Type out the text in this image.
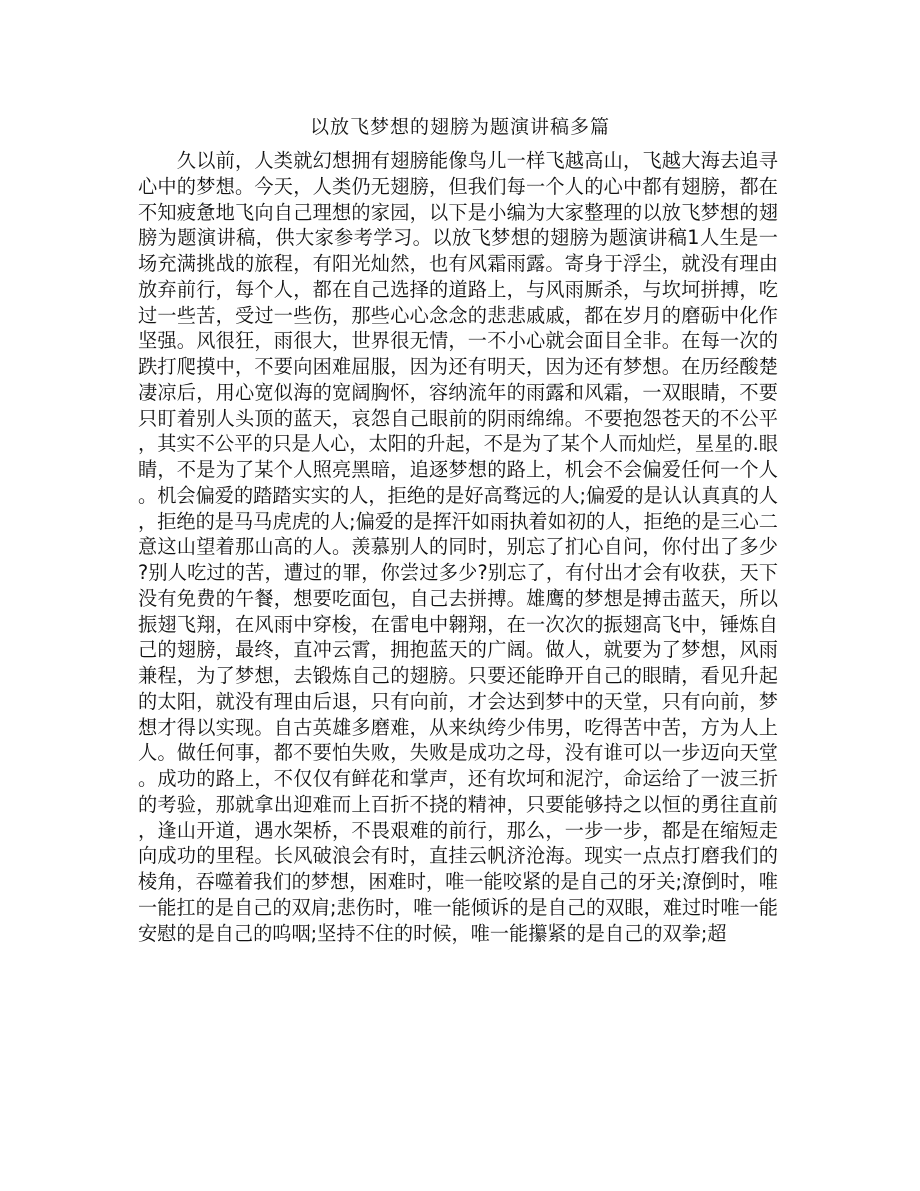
以放飞梦想的翅膀为题演讲稿多篇

　　久以前，人类就幻想拥有翅膀能像鸟儿一样飞越高山，飞越大海去追寻心中的梦想。今天，人类仍无翅膀，但我们每一个人的心中都有翅膀，都在不知疲惫地飞向自己理想的家园，以下是小编为大家整理的以放飞梦想的翅膀为题演讲稿，供大家参考学习。以放飞梦想的翅膀为题演讲稿1人生是一场充满挑战的旅程，有阳光灿然，也有风霜雨露。寄身于浮尘，就没有理由放弃前行，每个人，都在自己选择的道路上，与风雨厮杀，与坎坷拼搏，吃过一些苦，受过一些伤，那些心心念念的悲悲戚戚，都在岁月的磨砺中化作坚强。风很狂，雨很大，世界很无情，一不小心就会面目全非。在每一次的跌打爬摸中，不要向困难屈服，因为还有明天，因为还有梦想。在历经酸楚凄凉后，用心宽似海的宽阔胸怀，容纳流年的雨露和风霜，一双眼睛，不要只盯着别人头顶的蓝天，哀怨自己眼前的阴雨绵绵。不要抱怨苍天的不公平，其实不公平的只是人心，太阳的升起，不是为了某个人而灿烂，星星的.眼睛，不是为了某个人照亮黑暗，追逐梦想的路上，机会不会偏爱任何一个人。机会偏爱的踏踏实实的人，拒绝的是好高骛远的人;偏爱的是认认真真的人，拒绝的是马马虎虎的人;偏爱的是挥汗如雨执着如初的人，拒绝的是三心二意这山望着那山高的人。羡慕别人的同时，别忘了扪心自问，你付出了多少?别人吃过的苦，遭过的罪，你尝过多少?别忘了，有付出才会有收获，天下没有免费的午餐，想要吃面包，自己去拼搏。雄鹰的梦想是搏击蓝天，所以振翅飞翔，在风雨中穿梭，在雷电中翱翔，在一次次的振翅高飞中，锤炼自己的翅膀，最终，直冲云霄，拥抱蓝天的广阔。做人，就要为了梦想，风雨兼程，为了梦想，去锻炼自己的翅膀。只要还能睁开自己的眼睛，看见升起的太阳，就没有理由后退，只有向前，才会达到梦中的天堂，只有向前，梦想才得以实现。自古英雄多磨难，从来纨绔少伟男，吃得苦中苦，方为人上人。做任何事，都不要怕失败，失败是成功之母，没有谁可以一步迈向天堂。成功的路上，不仅仅有鲜花和掌声，还有坎坷和泥泞，命运给了一波三折的考验，那就拿出迎难而上百折不挠的精神，只要能够持之以恒的勇往直前，逢山开道，遇水架桥，不畏艰难的前行，那么，一步一步，都是在缩短走向成功的里程。长风破浪会有时，直挂云帆济沧海。现实一点点打磨我们的棱角，吞噬着我们的梦想，困难时，唯一能咬紧的是自己的牙关;潦倒时，唯一能扛的是自己的双肩;悲伤时，唯一能倾诉的是自己的双眼，难过时唯一能安慰的是自己的呜咽;坚持不住的时候，唯一能攥紧的是自己的双拳;超
